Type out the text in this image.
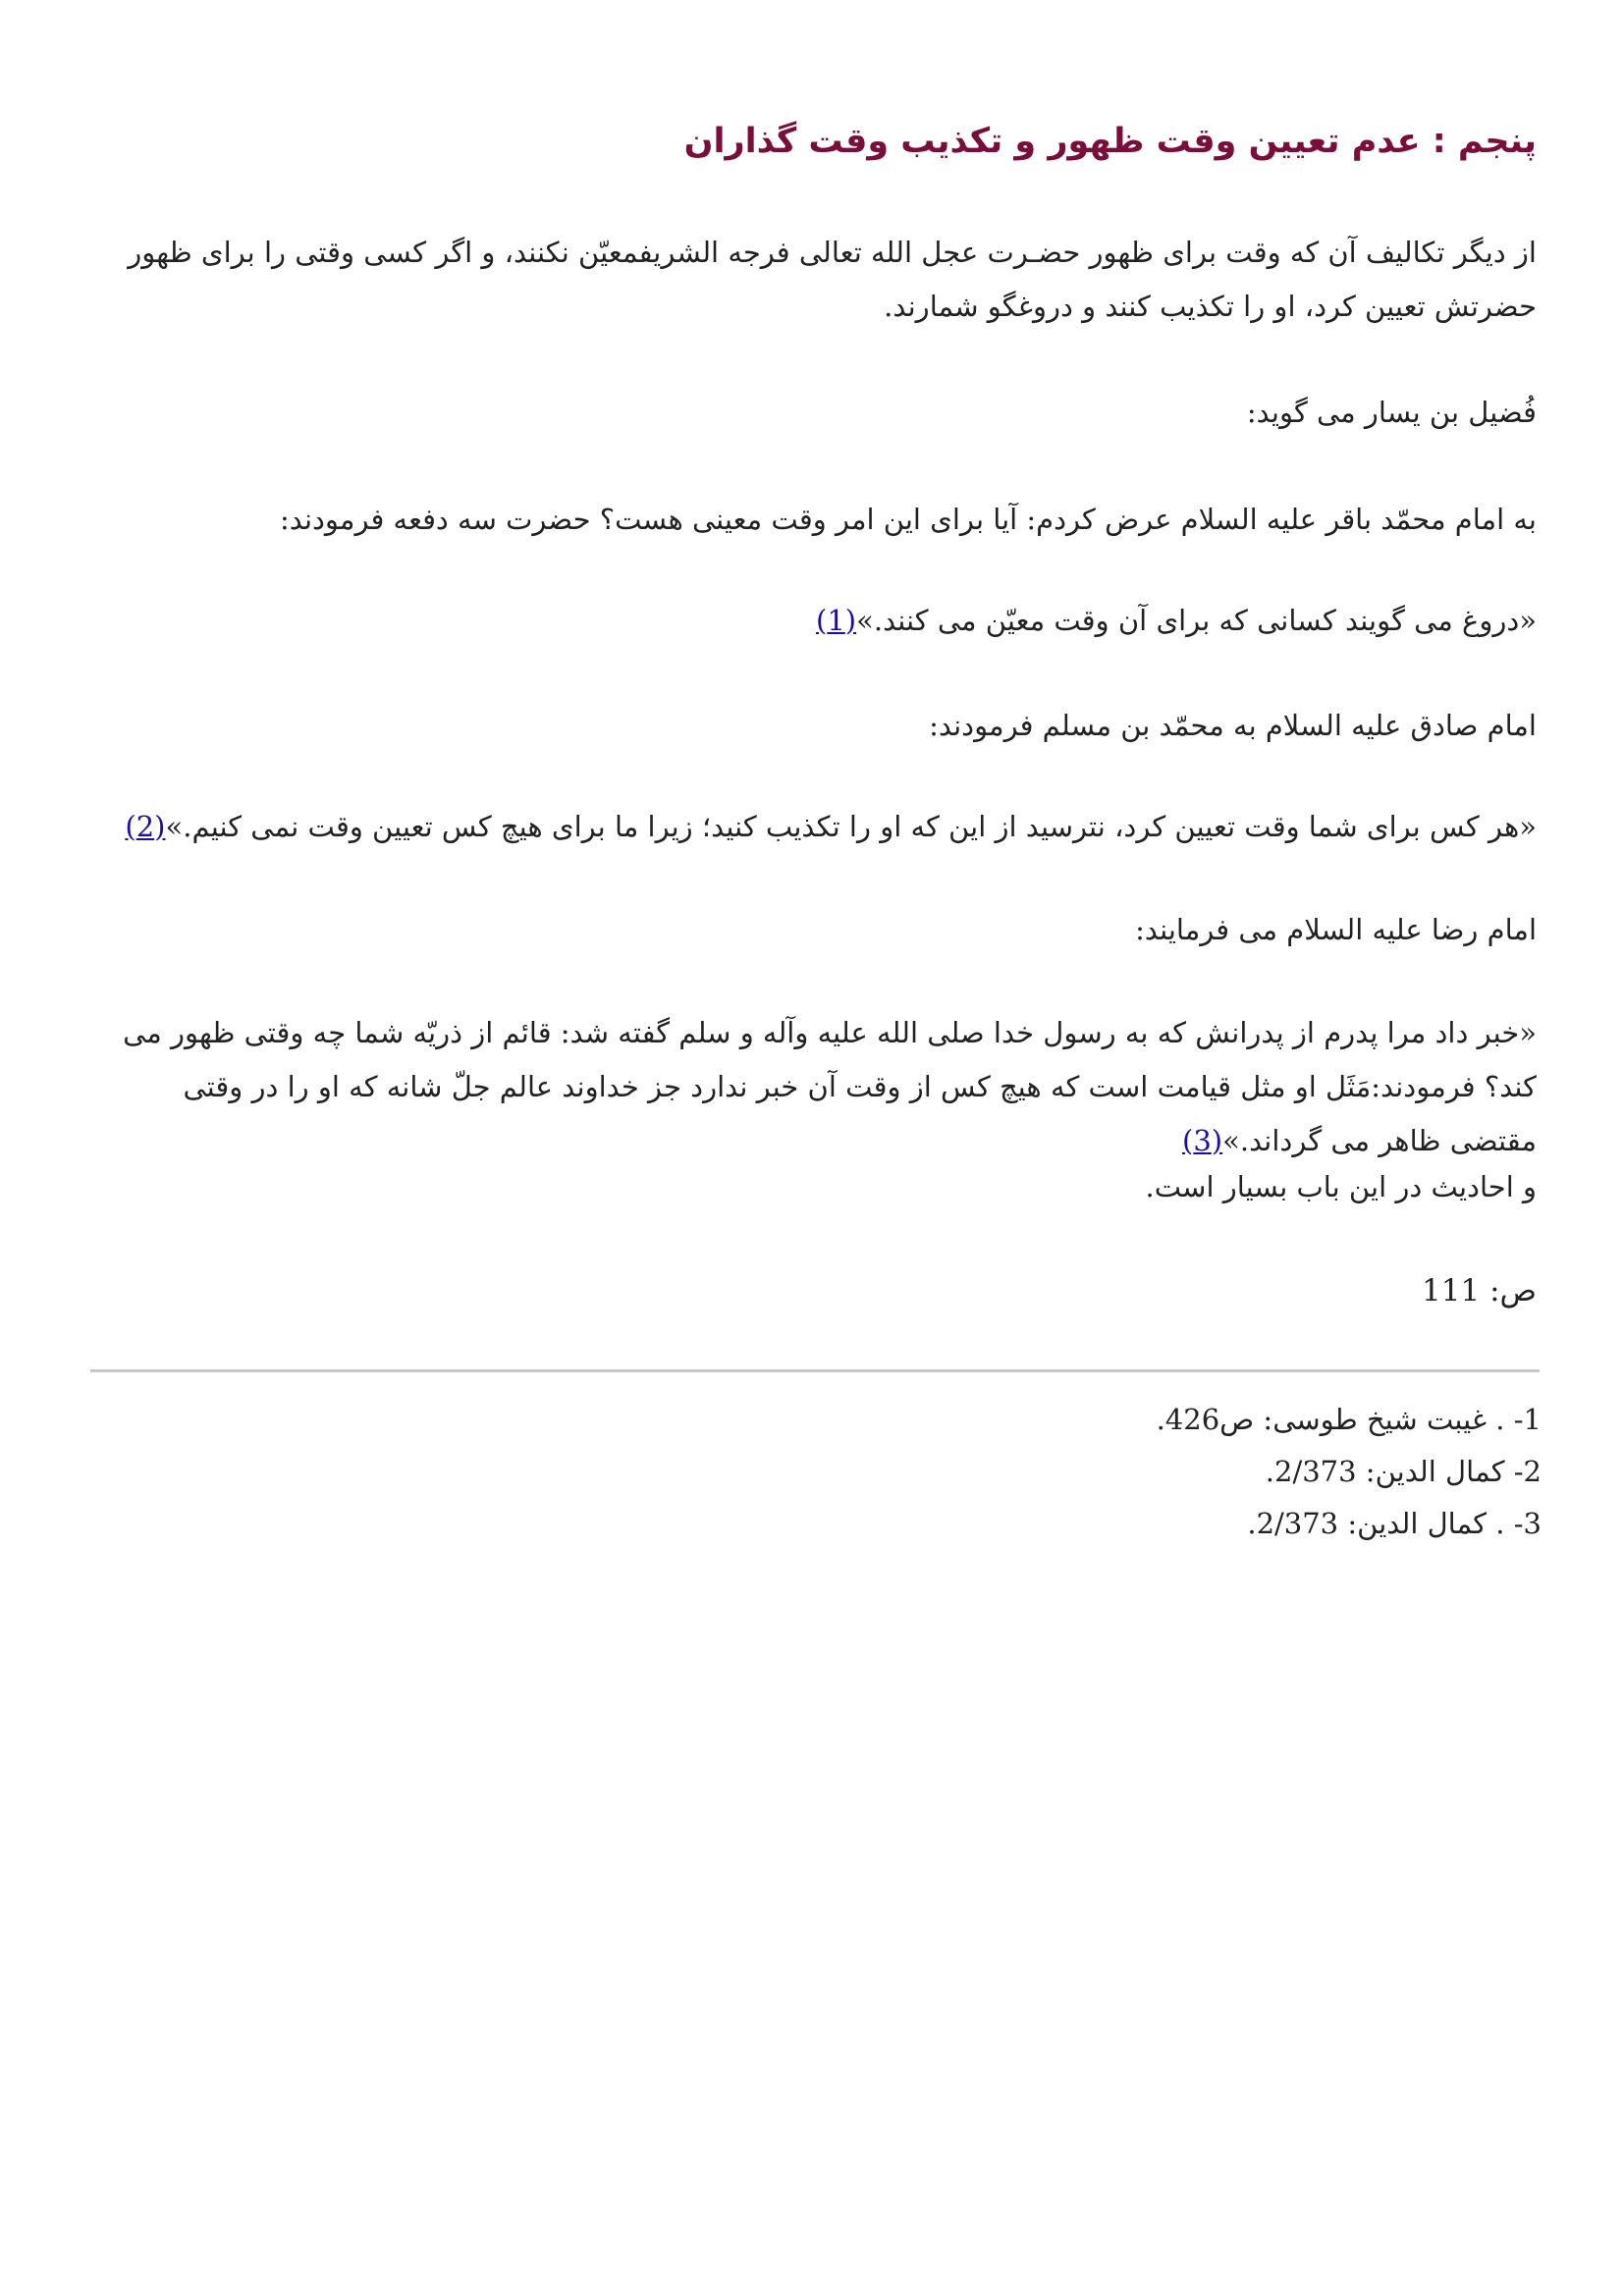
پنجم : عدم تعیین وقت ظهور و تکذیب وقت گذاران

از دیگر تکالیف آن که وقت برای ظهور حضـرت عجل الله تعالی فرجه الشریفمعیّن نکنند، و اگر کسی وقتی را برای ظهور حضرتش تعیین کرد، او را تکذیب کنند و دروغگو شمارند.

فُضیل بن یسار می گوید:

به امام محمّد باقر علیه السلام عرض کردم: آیا برای این امر وقت معینی هست؟ حضرت سه دفعه فرمودند:

«دروغ می گویند کسانی که برای آن وقت معیّن می کنند.»(1)

امام صادق علیه السلام به محمّد بن مسلم فرمودند:

«هر کس برای شما وقت تعیین کرد، نترسید از این که او را تکذیب کنید؛ زیرا ما برای هیچ کس تعیین وقت نمی کنیم.»(2)

امام رضا علیه السلام می فرمایند:

«خبر داد مرا پدرم از پدرانش که به رسول خدا صلی الله علیه وآله و سلم گفته شد: قائم از ذریّه شما چه وقتی ظهور می کند؟ فرمودند:مَثَل او مثل قیامت است که هیچ کس از وقت آن خبر ندارد جز خداوند عالم جلّ شانه که او را در وقتی مقتضی ظاهر می گرداند.»(3)

و احادیث در این باب بسیار است.

ص: 111

1- . غیبت شیخ طوسی: ص426.

2- کمال الدین: 2/373.

3- . کمال الدین: 2/373.
